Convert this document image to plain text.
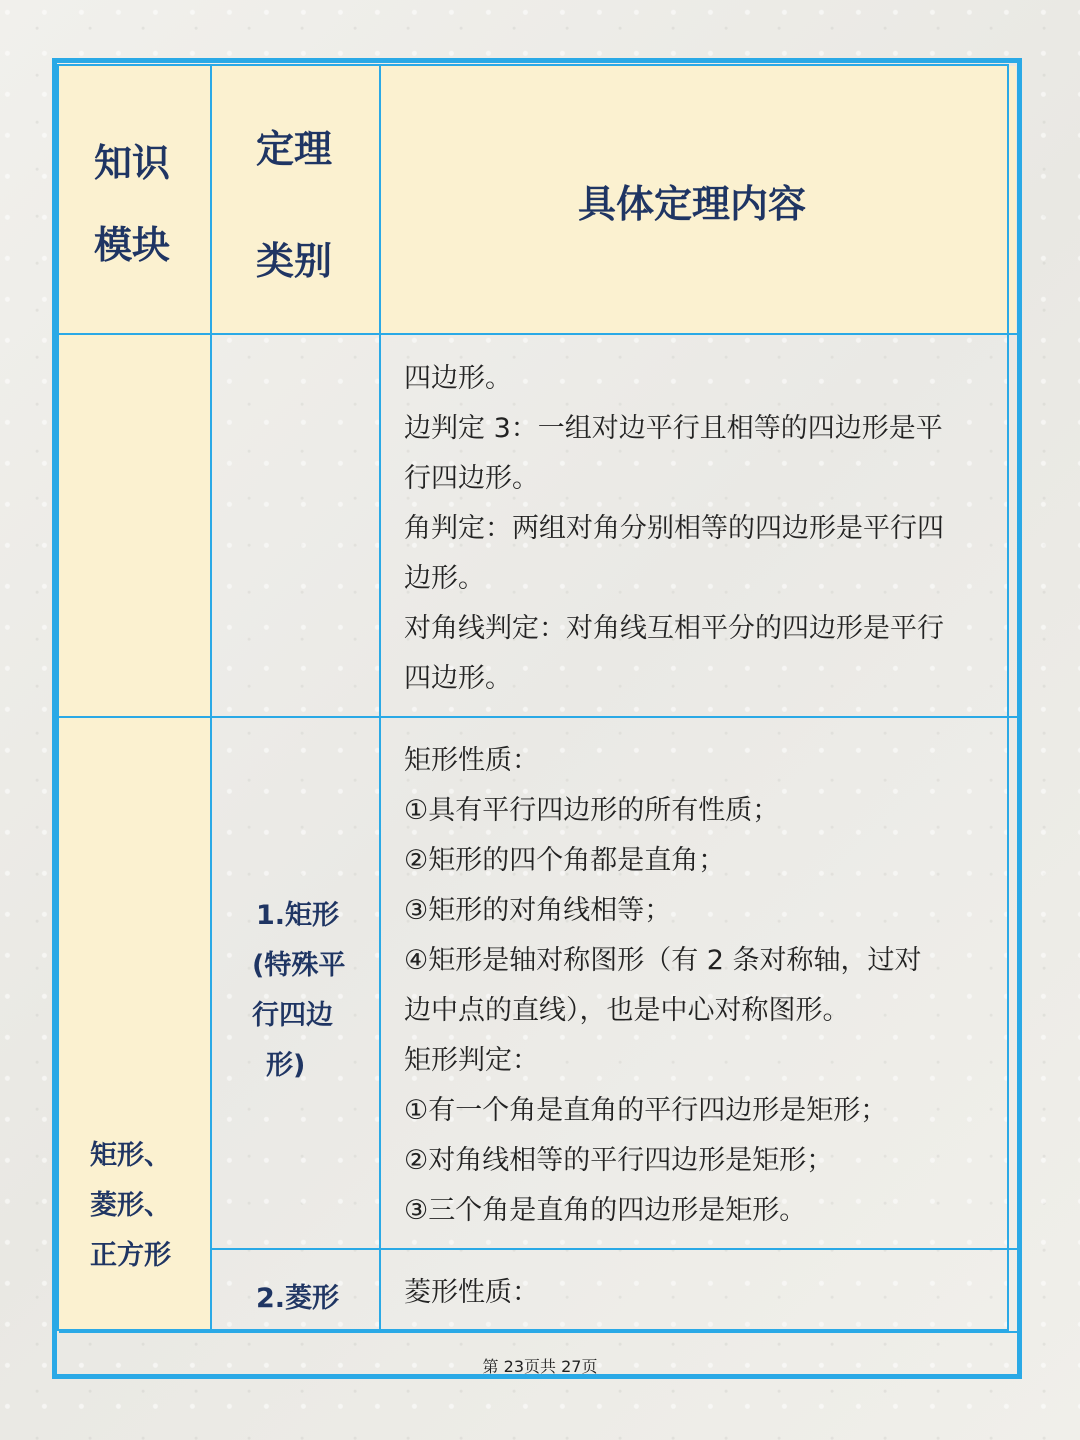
知识
模块
定理
类别
具体定理内容
四边形。
边判定 3：一组对边平行且相等的四边形是平
行四边形。
角判定：两组对角分别相等的四边形是平行四
边形。
对角线判定：对角线互相平分的四边形是平行
四边形。
1.矩形
(特殊平
行四边
形)
矩形性质：
①具有平行四边形的所有性质；
②矩形的四个角都是直角；
③矩形的对角线相等；
④矩形是轴对称图形（有 2 条对称轴，过对
边中点的直线），也是中心对称图形。
矩形判定：
①有一个角是直角的平行四边形是矩形；
②对角线相等的平行四边形是矩形；
③三个角是直角的四边形是矩形。
矩形、
菱形、
正方形
2.菱形 菱形性质：
第 23页共 27页
